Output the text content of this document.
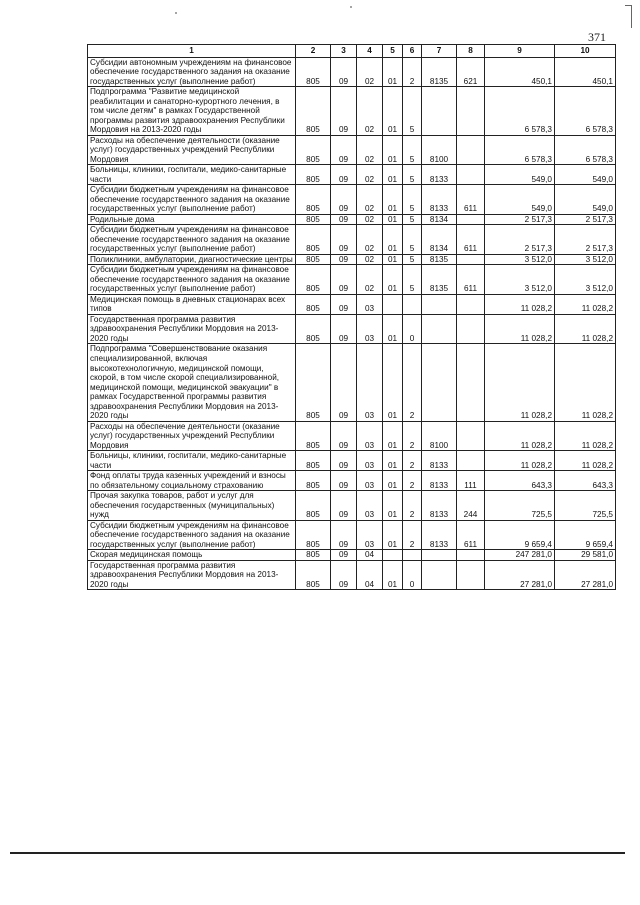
371
1	2	3	4	5	6	7	8	9	10
Субсидии автономным учреждениям на финансовое обеспечение государственного задания на оказание государственных услуг (выполнение работ)	805	09	02	01	2	8135	621	450,1	450,1
Подпрограмма "Развитие медицинской реабилитации и санаторно-курортного лечения, в том числе детям" в рамках Государственной программы развития здравоохранения Республики Мордовия на 2013-2020 годы	805	09	02	01	5			6 578,3	6 578,3
Расходы на обеспечение деятельности (оказание услуг) государственных учреждений Республики Мордовия	805	09	02	01	5	8100		6 578,3	6 578,3
Больницы, клиники, госпитали, медико-санитарные части	805	09	02	01	5	8133		549,0	549,0
Субсидии бюджетным учреждениям на финансовое обеспечение государственного задания на оказание государственных услуг (выполнение работ)	805	09	02	01	5	8133	611	549,0	549,0
Родильные дома	805	09	02	01	5	8134		2 517,3	2 517,3
Субсидии бюджетным учреждениям на финансовое обеспечение государственного задания на оказание государственных услуг (выполнение работ)	805	09	02	01	5	8134	611	2 517,3	2 517,3
Поликлиники, амбулатории, диагностические центры	805	09	02	01	5	8135		3 512,0	3 512,0
Субсидии бюджетным учреждениям на финансовое обеспечение государственного задания на оказание государственных услуг (выполнение работ)	805	09	02	01	5	8135	611	3 512,0	3 512,0
Медицинская помощь в дневных стационарах всех типов	805	09	03					11 028,2	11 028,2
Государственная программа развития здравоохранения Республики Мордовия на 2013-2020 годы	805	09	03	01	0			11 028,2	11 028,2
Подпрограмма "Совершенствование оказания специализированной, включая высокотехнологичную, медицинской помощи, скорой, в том числе скорой специализированной, медицинской помощи, медицинской эвакуации" в рамках Государственной программы развития здравоохранения Республики Мордовия на 2013-2020 годы	805	09	03	01	2			11 028,2	11 028,2
Расходы на обеспечение деятельности (оказание услуг) государственных учреждений Республики Мордовия	805	09	03	01	2	8100		11 028,2	11 028,2
Больницы, клиники, госпитали, медико-санитарные части	805	09	03	01	2	8133		11 028,2	11 028,2
Фонд оплаты труда казенных учреждений и взносы по обязательному социальному страхованию	805	09	03	01	2	8133	111	643,3	643,3
Прочая закупка товаров, работ и услуг для обеспечения государственных (муниципальных) нужд	805	09	03	01	2	8133	244	725,5	725,5
Субсидии бюджетным учреждениям на финансовое обеспечение государственного задания на оказание государственных услуг (выполнение работ)	805	09	03	01	2	8133	611	9 659,4	9 659,4
Скорая медицинская помощь	805	09	04					247 281,0	29 581,0
Государственная программа развития здравоохранения Республики Мордовия на 2013-2020 годы	805	09	04	01	0			27 281,0	27 281,0
